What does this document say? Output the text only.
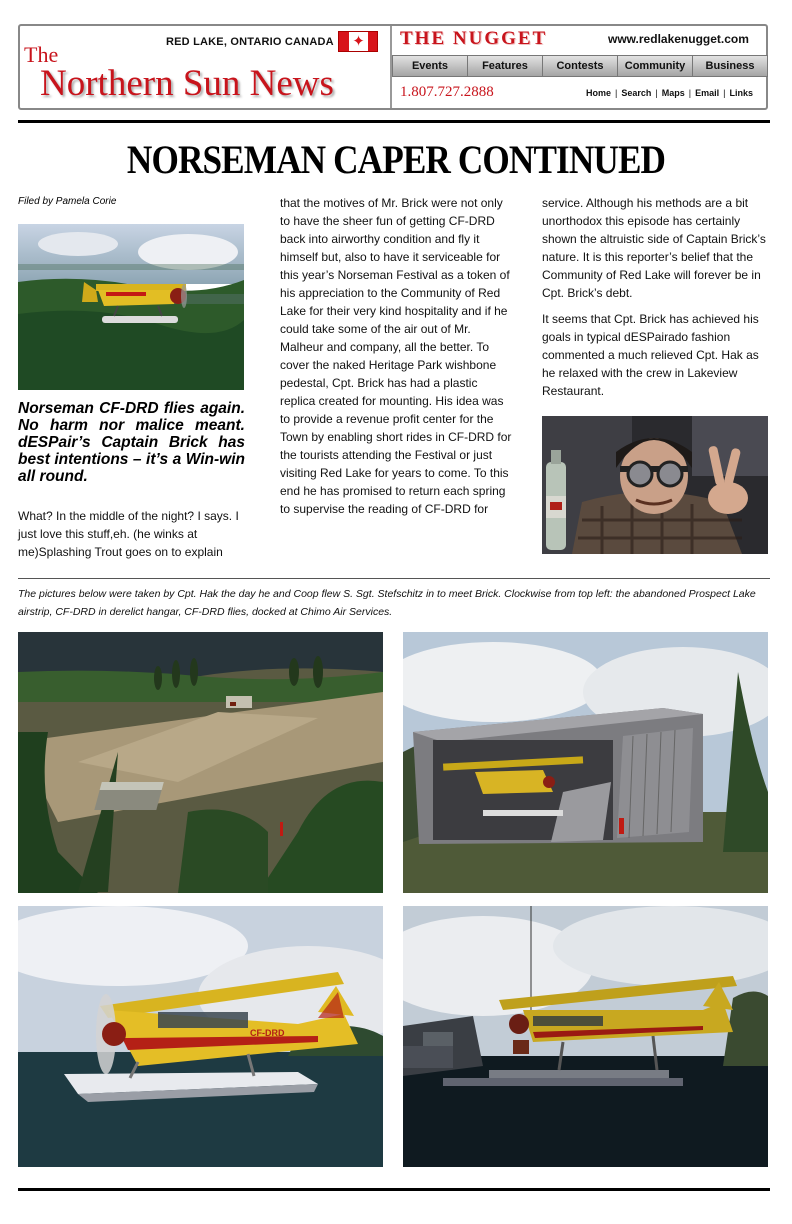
RED LAKE, ONTARIO CANADA ✦
The
Northern Sun News
THE NUGGET	www.redlakenugget.com
Events	Features	Contests	Community	Business
1.807.727.2888	Home | Search | Maps | Email | Links
NORSEMAN CAPER CONTINUED
Filed by Pamela Corie
Norseman CF-DRD flies again. No harm nor malice meant. dESPair’s Captain Brick has best intentions – it’s a Win-win all round.

What? In the middle of the night? I says. I just love this stuff,eh. (he winks at me)Splashing Trout goes on to explain

that the motives of Mr. Brick were not only to have the sheer fun of getting CF-DRD back into airworthy condition and fly it himself but, also to have it serviceable for this year’s Norseman Festival as a token of his appreciation to the Community of Red Lake for their very kind hospitality and if he could take some of the air out of Mr. Malheur and company, all the better. To cover the naked Heritage Park wishbone pedestal, Cpt. Brick has had a plastic replica created for mounting. His idea was to provide a revenue profit center for the Town by enabling short rides in CF-DRD for the tourists attending the Festival or just visiting Red Lake for years to come. To this end he has promised to return each spring to supervise the reading of CF-DRD for

service. Although his methods are a bit unorthodox this episode has certainly shown the altruistic side of Captain Brick’s nature. It is this reporter’s belief that the Community of Red Lake will forever be in Cpt. Brick’s debt.

It seems that Cpt. Brick has achieved his goals in typical dESPairado fashion commented a much relieved Cpt. Hak as he relaxed with the crew in Lakeview Restaurant.

The pictures below were taken by Cpt. Hak the day he and Coop flew S. Sgt. Stefschitz in to meet Brick. Clockwise from top left: the abandoned Prospect Lake airstrip, CF-DRD in derelict hangar, CF-DRD flies, docked at Chimo Air Services.
CF-DRD
